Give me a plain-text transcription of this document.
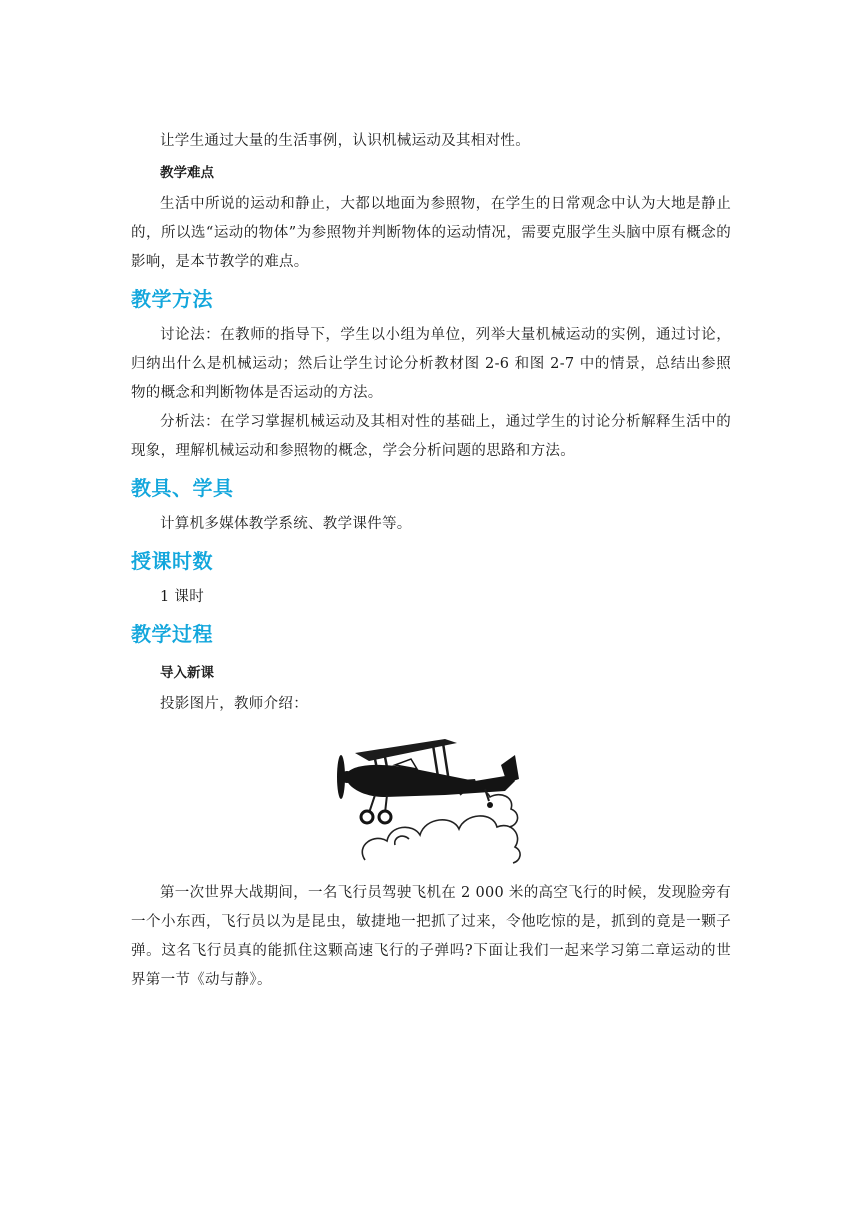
让学生通过大量的生活事例，认识机械运动及其相对性。

教学难点

生活中所说的运动和静止，大都以地面为参照物，在学生的日常观念中认为大地是静止的，所以选“运动的物体”为参照物并判断物体的运动情况，需要克服学生头脑中原有概念的影响，是本节教学的难点。

教学方法

讨论法：在教师的指导下，学生以小组为单位，列举大量机械运动的实例，通过讨论，归纳出什么是机械运动；然后让学生讨论分析教材图 2-6 和图 2-7 中的情景，总结出参照物的概念和判断物体是否运动的方法。

分析法：在学习掌握机械运动及其相对性的基础上，通过学生的讨论分析解释生活中的现象，理解机械运动和参照物的概念，学会分析问题的思路和方法。

教具、学具

计算机多媒体教学系统、教学课件等。

授课时数

1 课时

教学过程
导入新课

投影图片，教师介绍：

第一次世界大战期间，一名飞行员驾驶飞机在 2 000 米的高空飞行的时候，发现脸旁有一个小东西，飞行员以为是昆虫，敏捷地一把抓了过来，令他吃惊的是，抓到的竟是一颗子弹。这名飞行员真的能抓住这颗高速飞行的子弹吗?下面让我们一起来学习第二章运动的世界第一节《动与静》。
